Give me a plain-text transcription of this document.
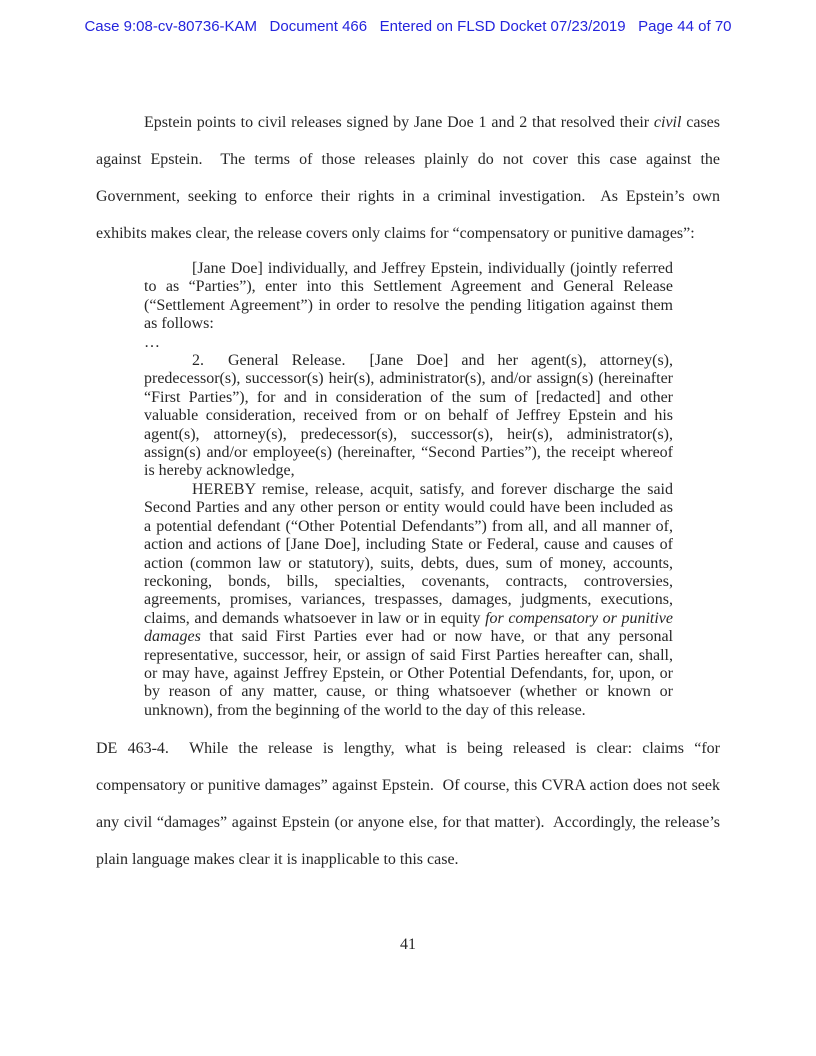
Case 9:08-cv-80736-KAM   Document 466   Entered on FLSD Docket 07/23/2019   Page 44 of 70

Epstein points to civil releases signed by Jane Doe 1 and 2 that resolved their civil cases against Epstein.  The terms of those releases plainly do not cover this case against the Government, seeking to enforce their rights in a criminal investigation.  As Epstein’s own exhibits makes clear, the release covers only claims for “compensatory or punitive damages”:

[Jane Doe] individually, and Jeffrey Epstein, individually (jointly referred to as “Parties”), enter into this Settlement Agreement and General Release (“Settlement Agreement”) in order to resolve the pending litigation against them as follows:

…

2.  General Release.  [Jane Doe] and her agent(s), attorney(s), predecessor(s), successor(s) heir(s), administrator(s), and/or assign(s) (hereinafter “First Parties”), for and in consideration of the sum of [redacted] and other valuable consideration, received from or on behalf of Jeffrey Epstein and his agent(s), attorney(s), predecessor(s), successor(s), heir(s), administrator(s), assign(s) and/or employee(s) (hereinafter, “Second Parties”), the receipt whereof is hereby acknowledge,

HEREBY remise, release, acquit, satisfy, and forever discharge the said Second Parties and any other person or entity would could have been included as a potential defendant (“Other Potential Defendants”) from all, and all manner of, action and actions of [Jane Doe], including State or Federal, cause and causes of action (common law or statutory), suits, debts, dues, sum of money, accounts, reckoning, bonds, bills, specialties, covenants, contracts, controversies, agreements, promises, variances, trespasses, damages, judgments, executions, claims, and demands whatsoever in law or in equity for compensatory or punitive damages that said First Parties ever had or now have, or that any personal representative, successor, heir, or assign of said First Parties hereafter can, shall, or may have, against Jeffrey Epstein, or Other Potential Defendants, for, upon, or by reason of any matter, cause, or thing whatsoever (whether or known or unknown), from the beginning of the world to the day of this release.

DE 463-4.  While the release is lengthy, what is being released is clear: claims “for compensatory or punitive damages” against Epstein.  Of course, this CVRA action does not seek any civil “damages” against Epstein (or anyone else, for that matter).  Accordingly, the release’s plain language makes clear it is inapplicable to this case.

41
